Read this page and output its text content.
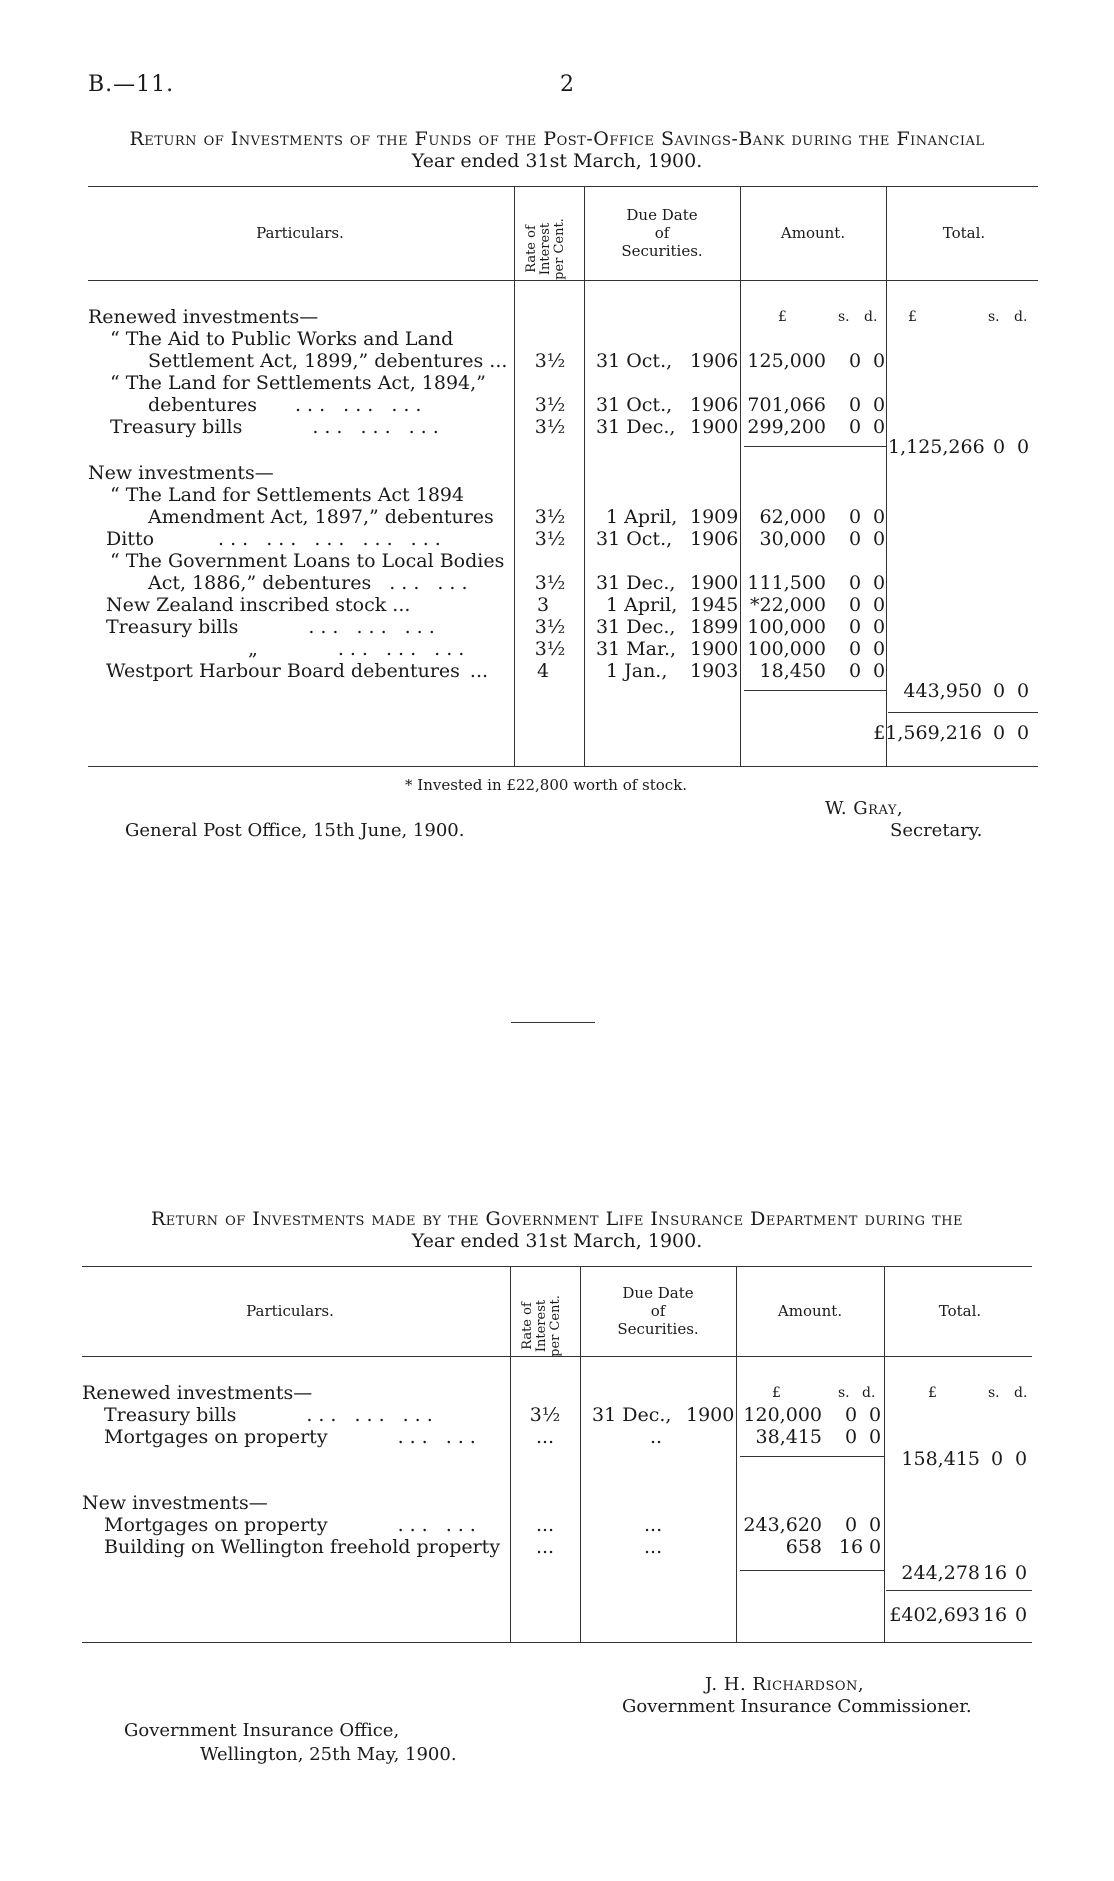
B.—11.	2
Return of Investments of the Funds of the Post-Office Savings-Bank during the Financial
Year ended 31st March, 1900.
Particulars.	Rate of Interest per Cent.
Due Date
of
Securities.
Amount.	Total.
£	s. d. £	s. d.
Renewed investments—
“ The Aid to Public Works and Land
Settlement Act, 1899,” debentures ...	3½	31 Oct., 1906 125,000 0 0
“ The Land for Settlements Act, 1894,”
debentures ... ... ...	3½	31 Oct., 1906 701,066 0 0
Treasury bills	... ... ...	3½	31 Dec., 1900 299,200 0 0
1,125,266 0 0
New investments—
“ The Land for Settlements Act 1894
Amendment Act, 1897,” debentures	3½	1 April, 1909	62,000 0 0
Ditto	... ... ... ... ...	3½	31 Oct., 1906	30,000 0 0
“ The Government Loans to Local Bodies
Act, 1886,” debentures ... ...	3½	31 Dec., 1900 111,500 0 0
New Zealand inscribed stock ...	3	1 April, 1945 *22,000 0 0
Treasury bills	... ... ...	3½	31 Dec., 1899 100,000 0 0
„	... ... ...	3½	31 Mar., 1900 100,000 0 0
Westport Harbour Board debentures ...	4	1 Jan., 1903	18,450 0 0
443,950 0 0
£1,569,216 0 0
* Invested in £22,800 worth of stock.
W. Gray,
General Post Office, 15th June, 1900.	Secretary.
Return of Investments made by the Government Life Insurance Department during the
Year ended 31st March, 1900.
Particulars.	Rate of Interest per Cent.
Due Date
of
Securities.
Amount.	Total.
£	s. d.	£	s. d.
Renewed investments—
Treasury bills	... ... ...	3½	31 Dec., 1900 120,000 0 0
Mortgages on property	... ...	...	..	38,415 0 0
158,415 0 0
New investments—
Mortgages on property	... ...	...	...	243,620 0 0
Building on Wellington freehold property	...	...	658 16 0
244,278 16 0
£402,693 16 0
J. H. Richardson,
Government Insurance Commissioner.
Government Insurance Office,
Wellington, 25th May, 1900.
